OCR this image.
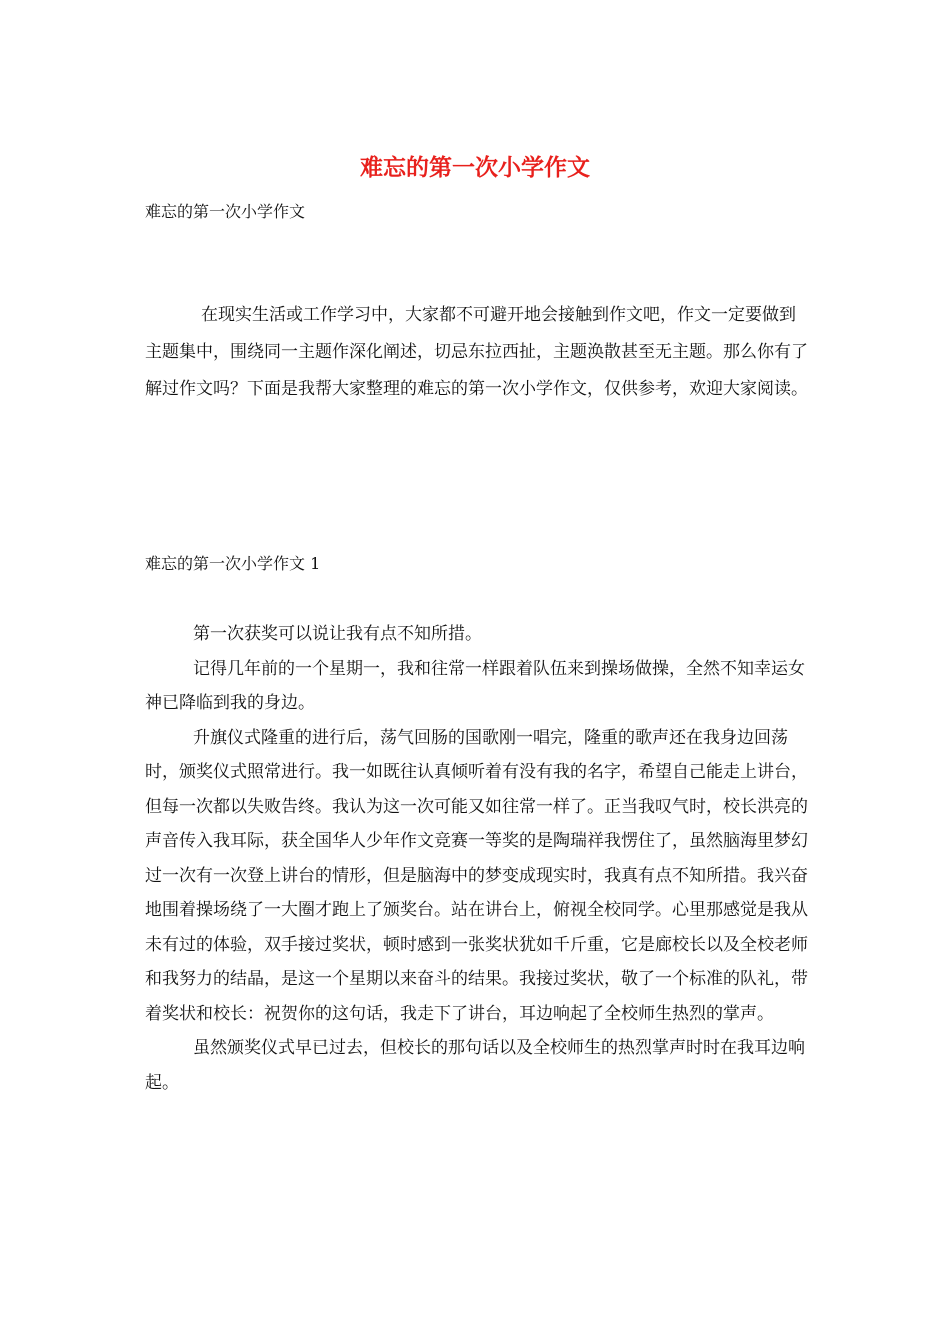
难忘的第一次小学作文
难忘的第一次小学作文

在现实生活或工作学习中，大家都不可避开地会接触到作文吧，作文一定要做到主题集中，围绕同一主题作深化阐述，切忌东拉西扯，主题涣散甚至无主题。那么你有了解过作文吗？下面是我帮大家整理的难忘的第一次小学作文，仅供参考，欢迎大家阅读。

难忘的第一次小学作文 1

第一次获奖可以说让我有点不知所措。

记得几年前的一个星期一，我和往常一样跟着队伍来到操场做操，全然不知幸运女神已降临到我的身边。

升旗仪式隆重的进行后，荡气回肠的国歌刚一唱完，隆重的歌声还在我身边回荡时，颁奖仪式照常进行。我一如既往认真倾听着有没有我的名字，希望自己能走上讲台，但每一次都以失败告终。我认为这一次可能又如往常一样了。正当我叹气时，校长洪亮的声音传入我耳际，获全国华人少年作文竞赛一等奖的是陶瑞祥我愣住了，虽然脑海里梦幻过一次有一次登上讲台的情形，但是脑海中的梦变成现实时，我真有点不知所措。我兴奋地围着操场绕了一大圈才跑上了颁奖台。站在讲台上，俯视全校同学。心里那感觉是我从未有过的体验，双手接过奖状，顿时感到一张奖状犹如千斤重，它是廊校长以及全校老师和我努力的结晶，是这一个星期以来奋斗的结果。我接过奖状，敬了一个标准的队礼，带着奖状和校长：祝贺你的这句话，我走下了讲台，耳边响起了全校师生热烈的掌声。

虽然颁奖仪式早已过去，但校长的那句话以及全校师生的热烈掌声时时在我耳边响起。
